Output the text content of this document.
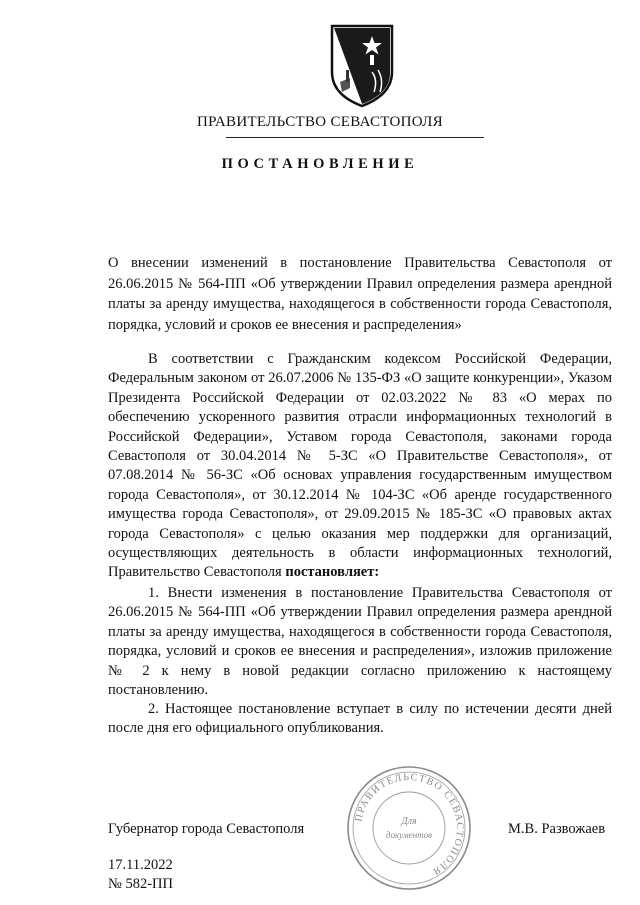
ПРАВИТЕЛЬСТВО СЕВАСТОПОЛЯ
ПОСТАНОВЛЕНИЕ
О внесении изменений в постановление Правительства Севастополя от 26.06.2015 № 564-ПП «Об утверждении Правил определения размера арендной платы за аренду имущества, находящегося в собственности города Севастополя, порядка, условий и сроков ее внесения и распределения»
В соответствии с Гражданским кодексом Российской Федерации, Федеральным законом от 26.07.2006 № 135-ФЗ «О защите конкуренции», Указом Президента Российской Федерации от 02.03.2022 № 83 «О мерах по обеспечению ускоренного развития отрасли информационных технологий в Российской Федерации», Уставом города Севастополя, законами города Севастополя от 30.04.2014 № 5-ЗС «О Правительстве Севастополя», от 07.08.2014 № 56-ЗС «Об основах управления государственным имуществом города Севастополя», от 30.12.2014 № 104-ЗС «Об аренде государственного имущества города Севастополя», от 29.09.2015 № 185-ЗС «О правовых актах города Севастополя» с целью оказания мер поддержки для организаций, осуществляющих деятельность в области информационных технологий, Правительство Севастополя постановляет:
1. Внести изменения в постановление Правительства Севастополя от 26.06.2015 № 564-ПП «Об утверждении Правил определения размера арендной платы за аренду имущества, находящегося в собственности города Севастополя, порядка, условий и сроков ее внесения и распределения», изложив приложение № 2 к нему в новой редакции согласно приложению к настоящему постановлению.
2. Настоящее постановление вступает в силу по истечении десяти дней после дня его официального опубликования.
ПРАВИТЕЛЬСТВО СЕВАСТОПОЛЯ
Для
документов
Губернатор города Севастополя	М.В. Развожаев
17.11.2022
№ 582-ПП
